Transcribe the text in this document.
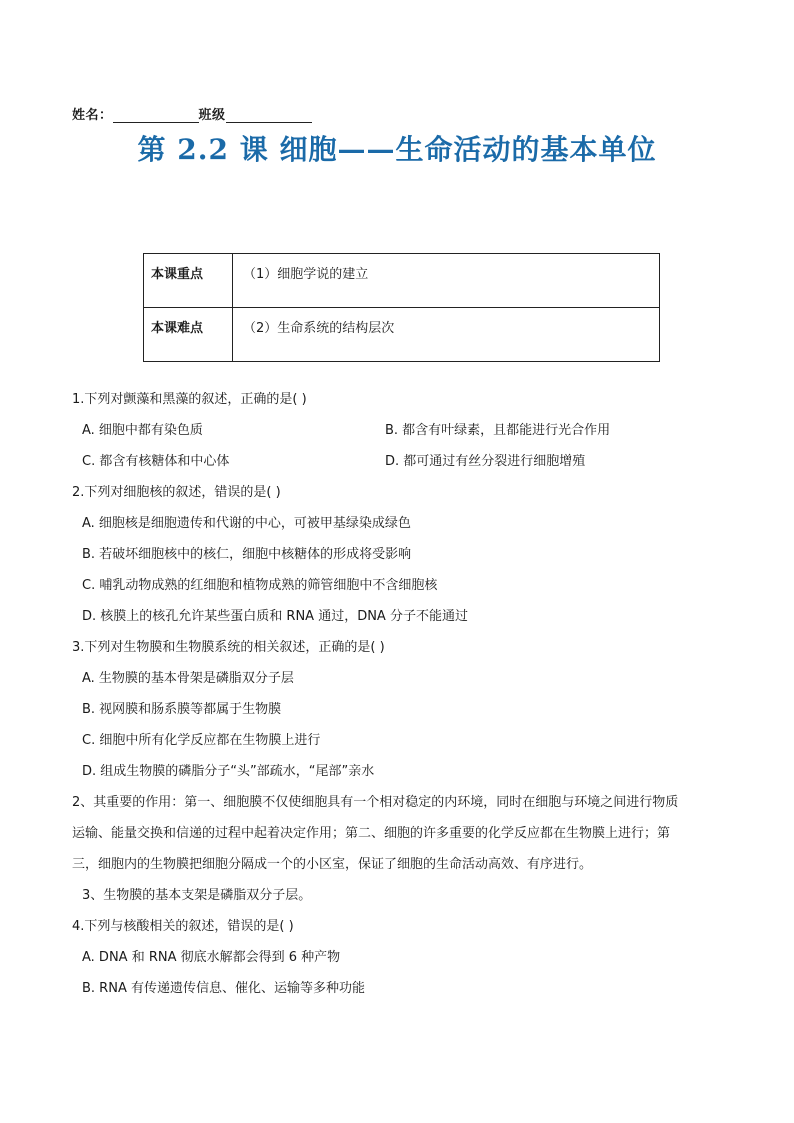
姓名：	班级
第 2.2 课 细胞——生命活动的基本单位
本课重点	（1）细胞学说的建立
本课难点	（2）生命系统的结构层次
1.下列对颤藻和黑藻的叙述，正确的是( )
A. 细胞中都有染色质	B. 都含有叶绿素，且都能进行光合作用
C. 都含有核糖体和中心体	D. 都可通过有丝分裂进行细胞增殖
2.下列对细胞核的叙述，错误的是( )
A. 细胞核是细胞遗传和代谢的中心，可被甲基绿染成绿色
B. 若破坏细胞核中的核仁，细胞中核糖体的形成将受影响
C. 哺乳动物成熟的红细胞和植物成熟的筛管细胞中不含细胞核
D. 核膜上的核孔允许某些蛋白质和 RNA 通过，DNA 分子不能通过
3.下列对生物膜和生物膜系统的相关叙述，正确的是( )
A. 生物膜的基本骨架是磷脂双分子层
B. 视网膜和肠系膜等都属于生物膜
C. 细胞中所有化学反应都在生物膜上进行
D. 组成生物膜的磷脂分子“头”部疏水，“尾部”亲水
2、其重要的作用：第一、细胞膜不仅使细胞具有一个相对稳定的内环境，同时在细胞与环境之间进行物质
运输、能量交换和信递的过程中起着决定作用；第二、细胞的许多重要的化学反应都在生物膜上进行；第
三，细胞内的生物膜把细胞分隔成一个的小区室，保证了细胞的生命活动高效、有序进行。
3、生物膜的基本支架是磷脂双分子层。
4.下列与核酸相关的叙述，错误的是( )
A. DNA 和 RNA 彻底水解都会得到 6 种产物
B. RNA 有传递遗传信息、催化、运输等多种功能
